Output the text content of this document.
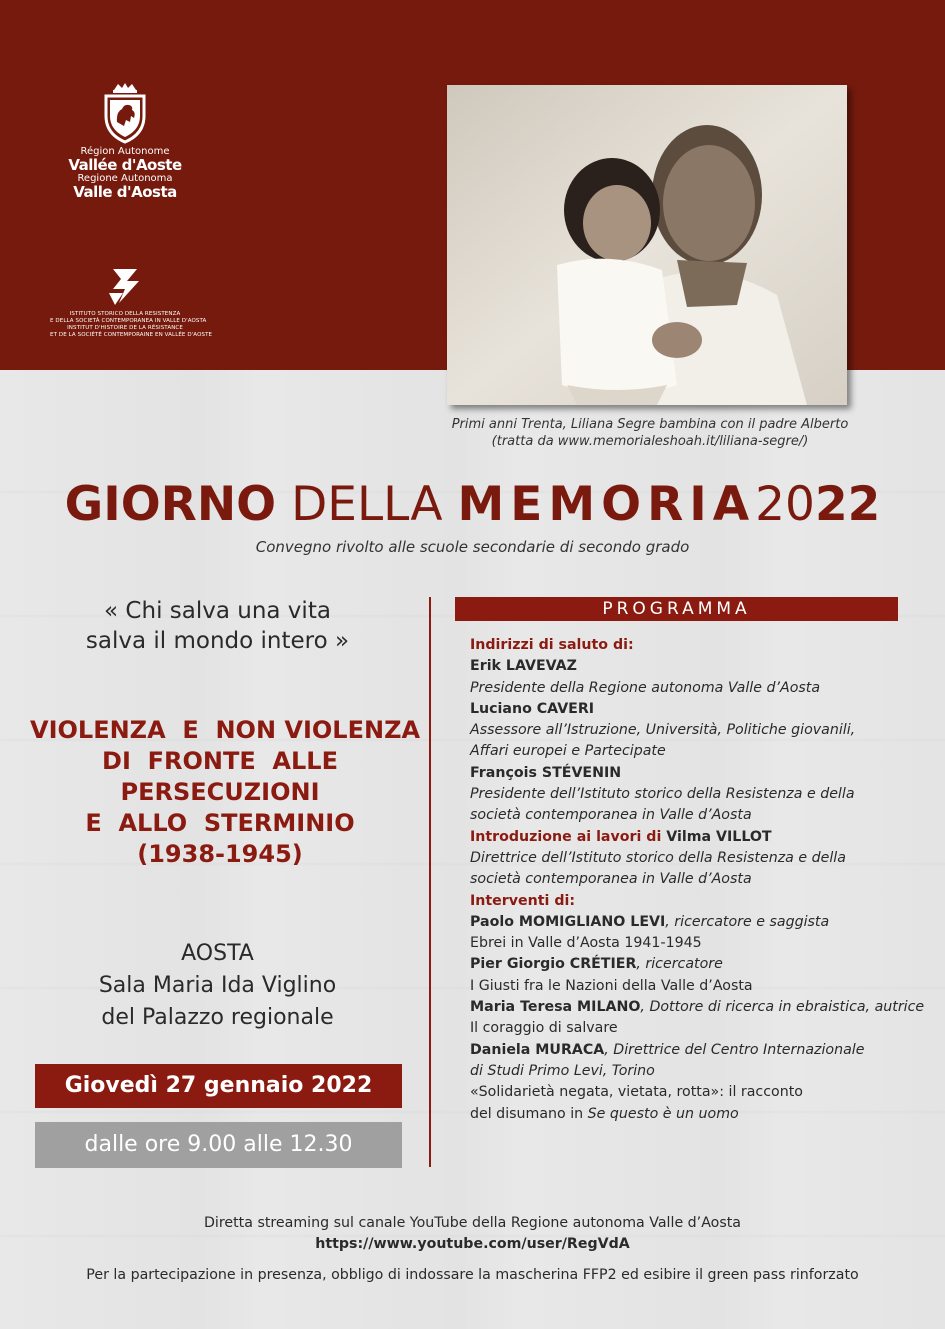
Région Autonome
Vallée d'Aoste
Regione Autonoma
Valle d'Aosta
ISTITUTO STORICO DELLA RESISTENZA
E DELLA SOCIETÀ CONTEMPORANEA IN VALLE D'AOSTA
INSTITUT D'HISTOIRE DE LA RÉSISTANCE
ET DE LA SOCIÉTÉ CONTEMPORAINE EN VALLÉE D'AOSTE
Primi anni Trenta, Liliana Segre bambina con il padre Alberto
(tratta da www.memorialeshoah.it/liliana-segre/)
GIORNO DELLA MEMORIA2022
Convegno rivolto alle scuole secondarie di secondo grado
« Chi salva una vita
salva il mondo intero »
VIOLENZA  E  NON VIOLENZA
DI  FRONTE  ALLE
PERSECUZIONI
E  ALLO  STERMINIO
(1938-1945)
AOSTA
Sala Maria Ida Viglino
del Palazzo regionale
Giovedì 27 gennaio 2022
dalle ore 9.00 alle 12.30
PROGRAMMA
Indirizzi di saluto di:
Erik LAVEVAZ
Presidente della Regione autonoma Valle d’Aosta
Luciano CAVERI
Assessore all’Istruzione, Università, Politiche giovanili,
Affari europei e Partecipate
François STÉVENIN
Presidente dell’Istituto storico della Resistenza e della
società contemporanea in Valle d’Aosta
Introduzione ai lavori di Vilma VILLOT
Direttrice dell’Istituto storico della Resistenza e della
società contemporanea in Valle d’Aosta
Interventi di:
Paolo MOMIGLIANO LEVI, ricercatore e saggista
Ebrei in Valle d’Aosta 1941-1945
Pier Giorgio CRÉTIER, ricercatore
I Giusti fra le Nazioni della Valle d’Aosta
Maria Teresa MILANO, Dottore di ricerca in ebraistica, autrice
Il coraggio di salvare
Daniela MURACA, Direttrice del Centro Internazionale
di Studi Primo Levi, Torino
«Solidarietà negata, vietata, rotta»: il racconto
del disumano in Se questo è un uomo
Diretta streaming sul canale YouTube della Regione autonoma Valle d’Aosta
https://www.youtube.com/user/RegVdA
Per la partecipazione in presenza, obbligo di indossare la mascherina FFP2 ed esibire il green pass rinforzato
